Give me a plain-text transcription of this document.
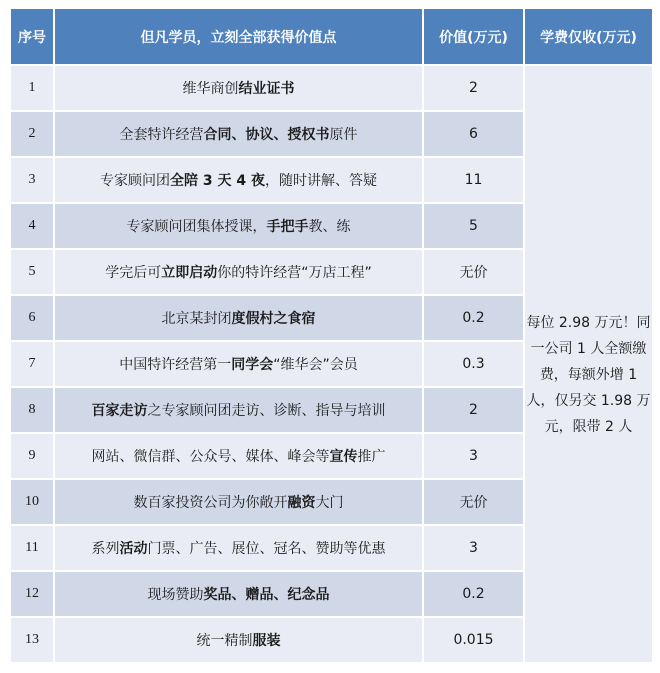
序号	但凡学员，立刻全部获得价值点	价值(万元)	学费仅收(万元)
1	维华商创结业证书	2	每位 2.98 万元！同一公司 1 人全额缴费，每额外增 1 人，仅另交 1.98 万元，限带 2 人

2	全套特许经营合同、协议、授权书原件	6	
3	专家顾问团全陪 3 天 4 夜，随时讲解、答疑	11	
4	专家顾问团集体授课，手把手教、练	5	
5	学完后可立即启动你的特许经营“万店工程”	无价	
6	北京某封闭度假村之食宿	0.2	
7	中国特许经营第一同学会“维华会”会员	0.3	
8	百家走访之专家顾问团走访、诊断、指导与培训	2	
9	网站、微信群、公众号、媒体、峰会等宣传推广	3	
10	数百家投资公司为你敞开融资大门	无价	
11	系列活动门票、广告、展位、冠名、赞助等优惠	3	
12	现场赞助奖品、赠品、纪念品	0.2	
13	统一精制服装	0.015	
